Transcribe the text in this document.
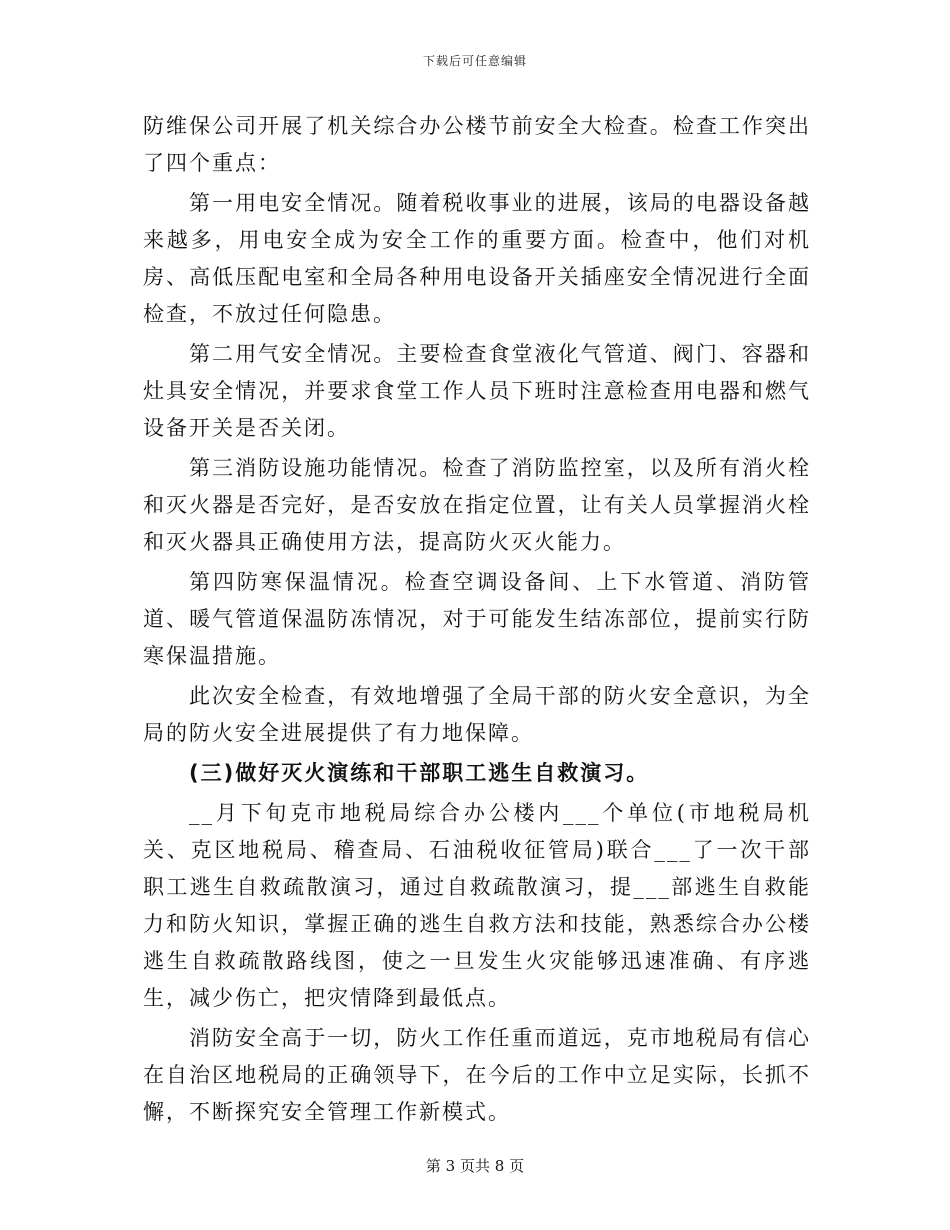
下载后可任意编辑

防维保公司开展了机关综合办公楼节前安全大检查。检查工作突出了四个重点：

第一用电安全情况。随着税收事业的进展，该局的电器设备越来越多，用电安全成为安全工作的重要方面。检查中，他们对机房、高低压配电室和全局各种用电设备开关插座安全情况进行全面检查，不放过任何隐患。

第二用气安全情况。主要检查食堂液化气管道、阀门、容器和灶具安全情况，并要求食堂工作人员下班时注意检查用电器和燃气设备开关是否关闭。

第三消防设施功能情况。检查了消防监控室，以及所有消火栓和灭火器是否完好，是否安放在指定位置，让有关人员掌握消火栓和灭火器具正确使用方法，提高防火灭火能力。

第四防寒保温情况。检查空调设备间、上下水管道、消防管道、暖气管道保温防冻情况，对于可能发生结冻部位，提前实行防寒保温措施。

此次安全检查，有效地增强了全局干部的防火安全意识，为全局的防火安全进展提供了有力地保障。

(三)做好灭火演练和干部职工逃生自救演习。

__月下旬克市地税局综合办公楼内___个单位(市地税局机关、克区地税局、稽查局、石油税收征管局)联合___了一次干部职工逃生自救疏散演习，通过自救疏散演习，提___部逃生自救能力和防火知识，掌握正确的逃生自救方法和技能，熟悉综合办公楼逃生自救疏散路线图，使之一旦发生火灾能够迅速准确、有序逃生，减少伤亡，把灾情降到最低点。

消防安全高于一切，防火工作任重而道远，克市地税局有信心在自治区地税局的正确领导下，在今后的工作中立足实际，长抓不懈，不断探究安全管理工作新模式。

第 3 页共 8 页
